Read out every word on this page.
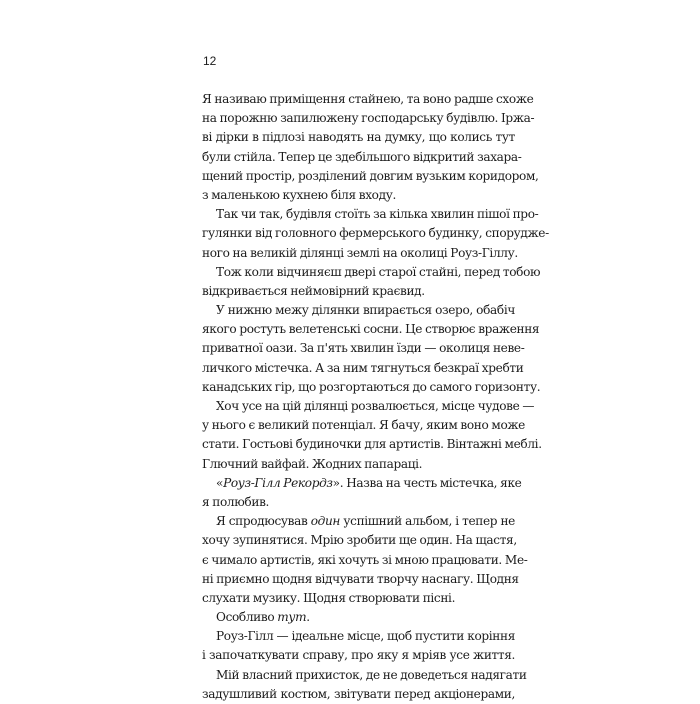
12
Я називаю приміщення стайнею, та воно радше схоже
на порожню запилюжену господарську будівлю. Іржа-
ві дірки в підлозі наводять на думку, що колись тут
були стійла. Тепер це здебільшого відкритий захара-
щений простір, розділений довгим вузьким коридором,
з маленькою кухнею біля входу.
Так чи так, будівля стоїть за кілька хвилин пішої про-
гулянки від головного фермерського будинку, спорудже-
ного на великій ділянці землі на околиці Роуз-Гіллу.
Тож коли відчиняєш двері старої стайні, перед тобою
відкривається неймовірний краєвид.
У нижню межу ділянки впирається озеро, обабіч
якого ростуть велетенські сосни. Це створює враження
приватної оази. За п'ять хвилин їзди — околиця невe-
личкого містечка. А за ним тягнуться безкраї хребти
канадських гір, що розгортаються до самого горизонту.
Хоч усе на цій ділянці розвалюється, місце чудове —
у нього є великий потенціал. Я бачу, яким воно може
стати. Гостьові будиночки для артистів. Вінтажні меблі.
Глючний вайфай. Жодних папараці.
«Роуз-Гілл Рекордз». Назва на честь містечка, яке
я полюбив.
Я спродюсував один успішний альбом, і тепер не
хочу зупинятися. Мрію зробити ще один. На щастя,
є чимало артистів, які хочуть зі мною працювати. Ме-
ні приємно щодня відчувати творчу наснагу. Щодня
слухати музику. Щодня створювати пісні.
Особливо тут.
Роуз-Гілл — ідеальне місце, щоб пустити коріння
і започаткувати справу, про яку я мріяв усе життя.
Мій власний прихисток, де не доведеться надягати
задушливий костюм, звітувати перед акціонерами,
